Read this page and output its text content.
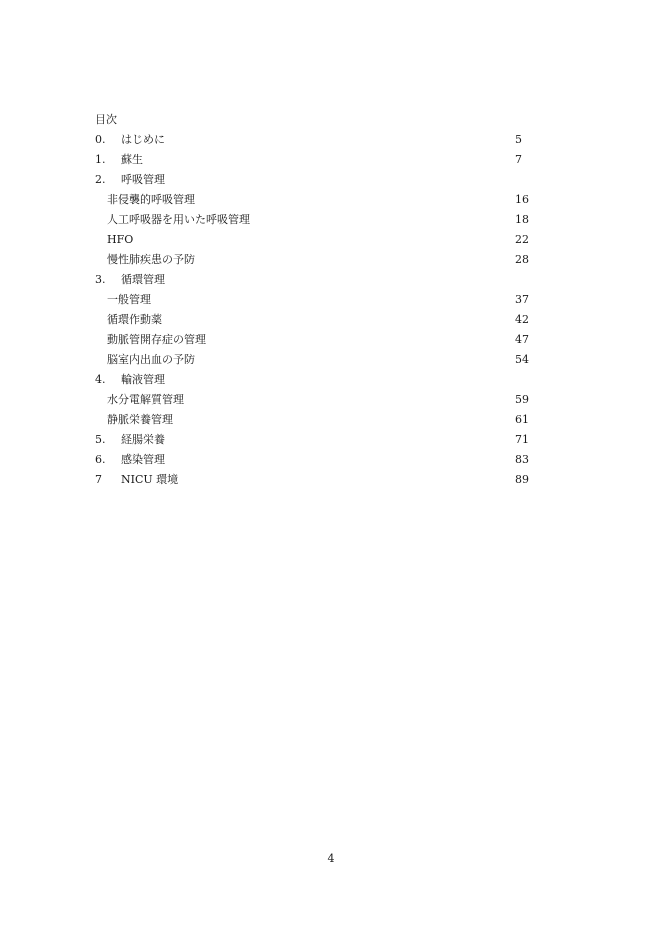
目次
0. はじめに	5
1. 蘇生	7
2. 呼吸管理
非侵襲的呼吸管理	16
人工呼吸器を用いた呼吸管理	18
HFO	22
慢性肺疾患の予防	28
3. 循環管理
一般管理	37
循環作動薬	42
動脈管開存症の管理	47
脳室内出血の予防	54
4. 輸液管理
水分電解質管理	59
静脈栄養管理	61
5. 経腸栄養	71
6. 感染管理	83
7 NICU 環境	89
4
